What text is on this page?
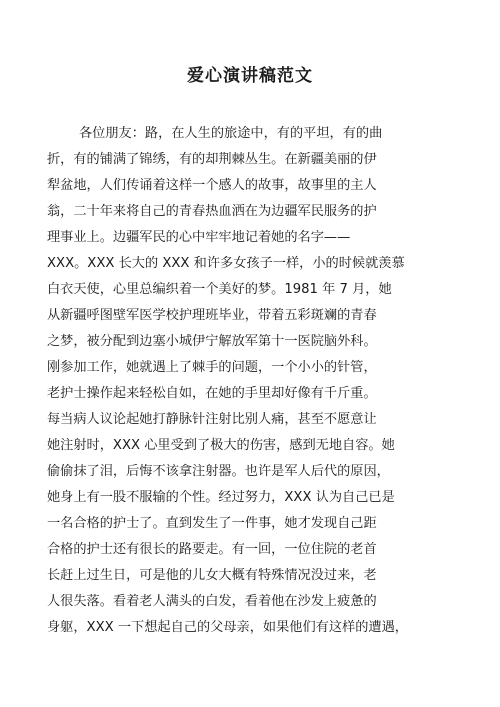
爱心演讲稿范文
各位朋友：路，在人生的旅途中，有的平坦，有的曲
折，有的铺满了锦绣，有的却荆棘丛生。在新疆美丽的伊
犁盆地，人们传诵着这样一个感人的故事，故事里的主人
翁，二十年来将自己的青春热血洒在为边疆军民服务的护
理事业上。边疆军民的心中牢牢地记着她的名字——
XXX。XXX 长大的 XXX 和许多女孩子一样，小的时候就羡慕
白衣天使，心里总编织着一个美好的梦。1981 年 7 月，她
从新疆呼图壁军医学校护理班毕业，带着五彩斑斓的青春
之梦，被分配到边塞小城伊宁解放军第十一医院脑外科。
刚参加工作，她就遇上了棘手的问题，一个小小的针管，
老护士操作起来轻松自如，在她的手里却好像有千斤重。
每当病人议论起她打静脉针注射比别人痛，甚至不愿意让
她注射时，XXX 心里受到了极大的伤害，感到无地自容。她
偷偷抹了泪，后悔不该拿注射器。也许是军人后代的原因，
她身上有一股不服输的个性。经过努力，XXX 认为自己已是
一名合格的护士了。直到发生了一件事，她才发现自己距
合格的护士还有很长的路要走。有一回，一位住院的老首
长赶上过生日，可是他的儿女大概有特殊情况没过来，老
人很失落。看着老人满头的白发，看着他在沙发上疲惫的
身躯，XXX 一下想起自己的父母亲，如果他们有这样的遭遇，
